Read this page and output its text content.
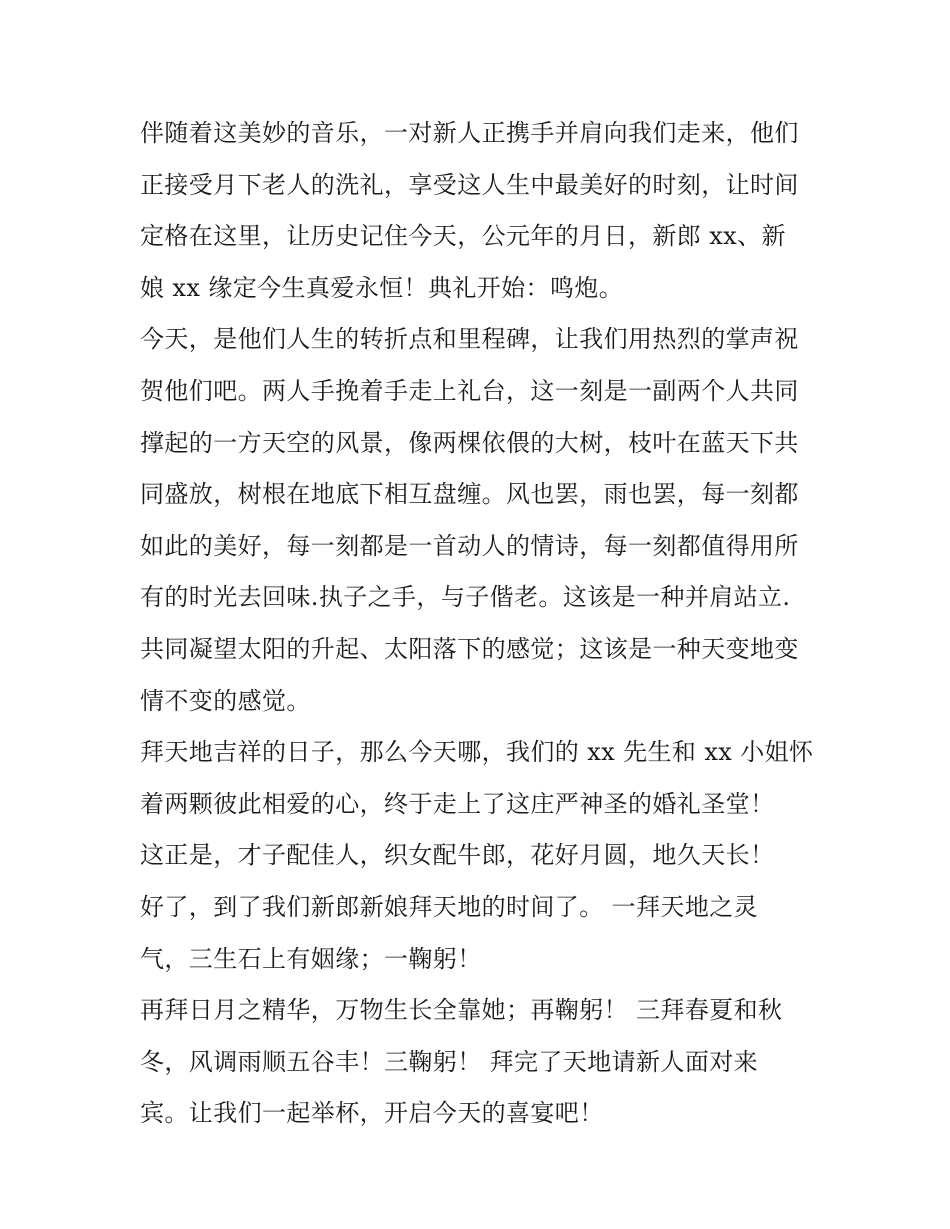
伴随着这美妙的音乐，一对新人正携手并肩向我们走来，他们
正接受月下老人的洗礼，享受这人生中最美好的时刻，让时间
定格在这里，让历史记住今天，公元年的月日，新郎 xx、新
娘 xx 缘定今生真爱永恒！典礼开始：鸣炮。
今天，是他们人生的转折点和里程碑，让我们用热烈的掌声祝
贺他们吧。两人手挽着手走上礼台，这一刻是一副两个人共同
撑起的一方天空的风景，像两棵依偎的大树，枝叶在蓝天下共
同盛放，树根在地底下相互盘缠。风也罢，雨也罢，每一刻都
如此的美好，每一刻都是一首动人的情诗，每一刻都值得用所
有的时光去回味.执子之手，与子偕老。这该是一种并肩站立.
共同凝望太阳的升起、太阳落下的感觉；这该是一种天变地变
情不变的感觉。
拜天地吉祥的日子，那么今天哪，我们的 xx 先生和 xx 小姐怀
着两颗彼此相爱的心，终于走上了这庄严神圣的婚礼圣堂！
这正是，才子配佳人，织女配牛郎，花好月圆，地久天长！
好了，到了我们新郎新娘拜天地的时间了。 一拜天地之灵
气，三生石上有姻缘；一鞠躬！
再拜日月之精华，万物生长全靠她；再鞠躬！ 三拜春夏和秋
冬，风调雨顺五谷丰！三鞠躬！ 拜完了天地请新人面对来
宾。让我们一起举杯，开启今天的喜宴吧！
